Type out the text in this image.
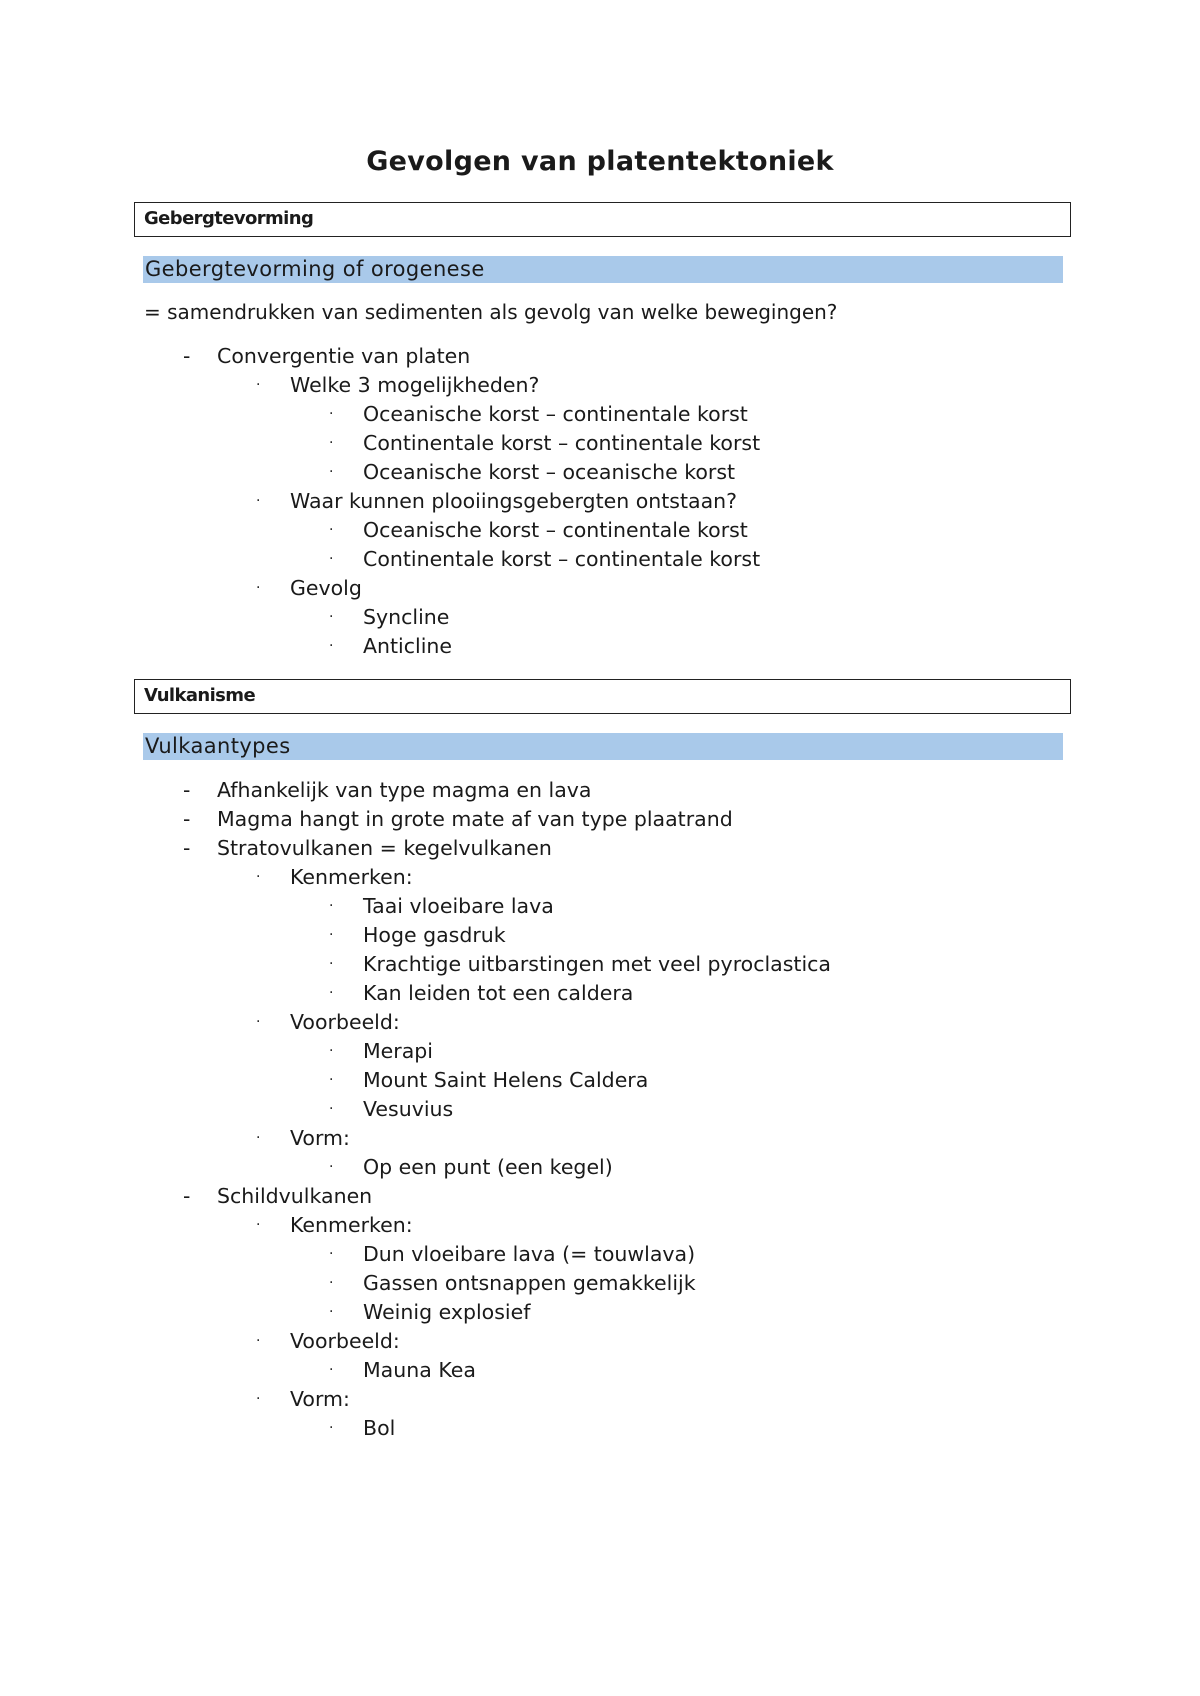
Gevolgen van platentektoniek
Gebergtevorming
Gebergtevorming of orogenese
= samendrukken van sedimenten als gevolg van welke bewegingen?
- Convergentie van platen
· Welke 3 mogelijkheden?
· Oceanische korst – continentale korst
· Continentale korst – continentale korst
· Oceanische korst – oceanische korst
· Waar kunnen plooiingsgebergten ontstaan?
· Oceanische korst – continentale korst
· Continentale korst – continentale korst
· Gevolg
· Syncline
· Anticline
Vulkanisme
Vulkaantypes
- Afhankelijk van type magma en lava
- Magma hangt in grote mate af van type plaatrand
- Stratovulkanen = kegelvulkanen
· Kenmerken:
· Taai vloeibare lava
· Hoge gasdruk
· Krachtige uitbarstingen met veel pyroclastica
· Kan leiden tot een caldera
· Voorbeeld:
· Merapi
· Mount Saint Helens Caldera
· Vesuvius
· Vorm:
· Op een punt (een kegel)
- Schildvulkanen
· Kenmerken:
· Dun vloeibare lava (= touwlava)
· Gassen ontsnappen gemakkelijk
· Weinig explosief
· Voorbeeld:
· Mauna Kea
· Vorm:
· Bol
